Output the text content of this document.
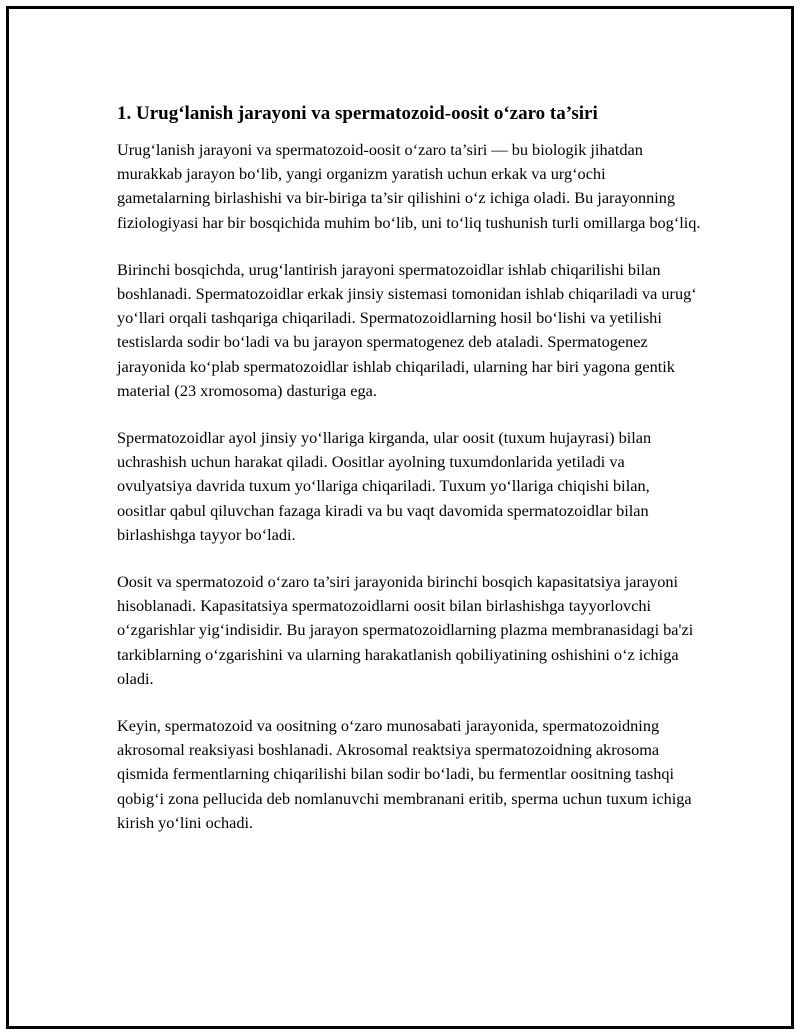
1. Urug‘lanish jarayoni va spermatozoid-oosit o‘zaro ta’siri

Urug‘lanish jarayoni va spermatozoid-oosit o‘zaro ta’siri — bu biologik jihatdan murakkab jarayon bo‘lib, yangi organizm yaratish uchun erkak va urg‘ochi gametalarning birlashishi va bir-biriga ta’sir qilishini o‘z ichiga oladi. Bu jarayonning fiziologiyasi har bir bosqichida muhim bo‘lib, uni to‘liq tushunish turli omillarga bog‘liq.

Birinchi bosqichda, urug‘lantirish jarayoni spermatozoidlar ishlab chiqarilishi bilan boshlanadi. Spermatozoidlar erkak jinsiy sistemasi tomonidan ishlab chiqariladi va urug‘ yo‘llari orqali tashqariga chiqariladi. Spermatozoidlarning hosil bo‘lishi va yetilishi testislarda sodir bo‘ladi va bu jarayon spermatogenez deb ataladi. Spermatogenez jarayonida ko‘plab spermatozoidlar ishlab chiqariladi, ularning har biri yagona gentik material (23 xromosoma) dasturiga ega.

Spermatozoidlar ayol jinsiy yo‘llariga kirganda, ular oosit (tuxum hujayrasi) bilan uchrashish uchun harakat qiladi. Oositlar ayolning tuxumdonlarida yetiladi va ovulyatsiya davrida tuxum yo‘llariga chiqariladi. Tuxum yo‘llariga chiqishi bilan, oositlar qabul qiluvchan fazaga kiradi va bu vaqt davomida spermatozoidlar bilan birlashishga tayyor bo‘ladi.

Oosit va spermatozoid o‘zaro ta’siri jarayonida birinchi bosqich kapasitatsiya jarayoni hisoblanadi. Kapasitatsiya spermatozoidlarni oosit bilan birlashishga tayyorlovchi o‘zgarishlar yig‘indisidir. Bu jarayon spermatozoidlarning plazma membranasidagi ba'zi tarkiblarning o‘zgarishini va ularning harakatlanish qobiliyatining oshishini o‘z ichiga oladi.

Keyin, spermatozoid va oositning o‘zaro munosabati jarayonida, spermatozoidning akrosomal reaksiyasi boshlanadi. Akrosomal reaktsiya spermatozoidning akrosoma qismida fermentlarning chiqarilishi bilan sodir bo‘ladi, bu fermentlar oositning tashqi qobig‘i zona pellucida deb nomlanuvchi membranani eritib, sperma uchun tuxum ichiga kirish yo‘lini ochadi.
